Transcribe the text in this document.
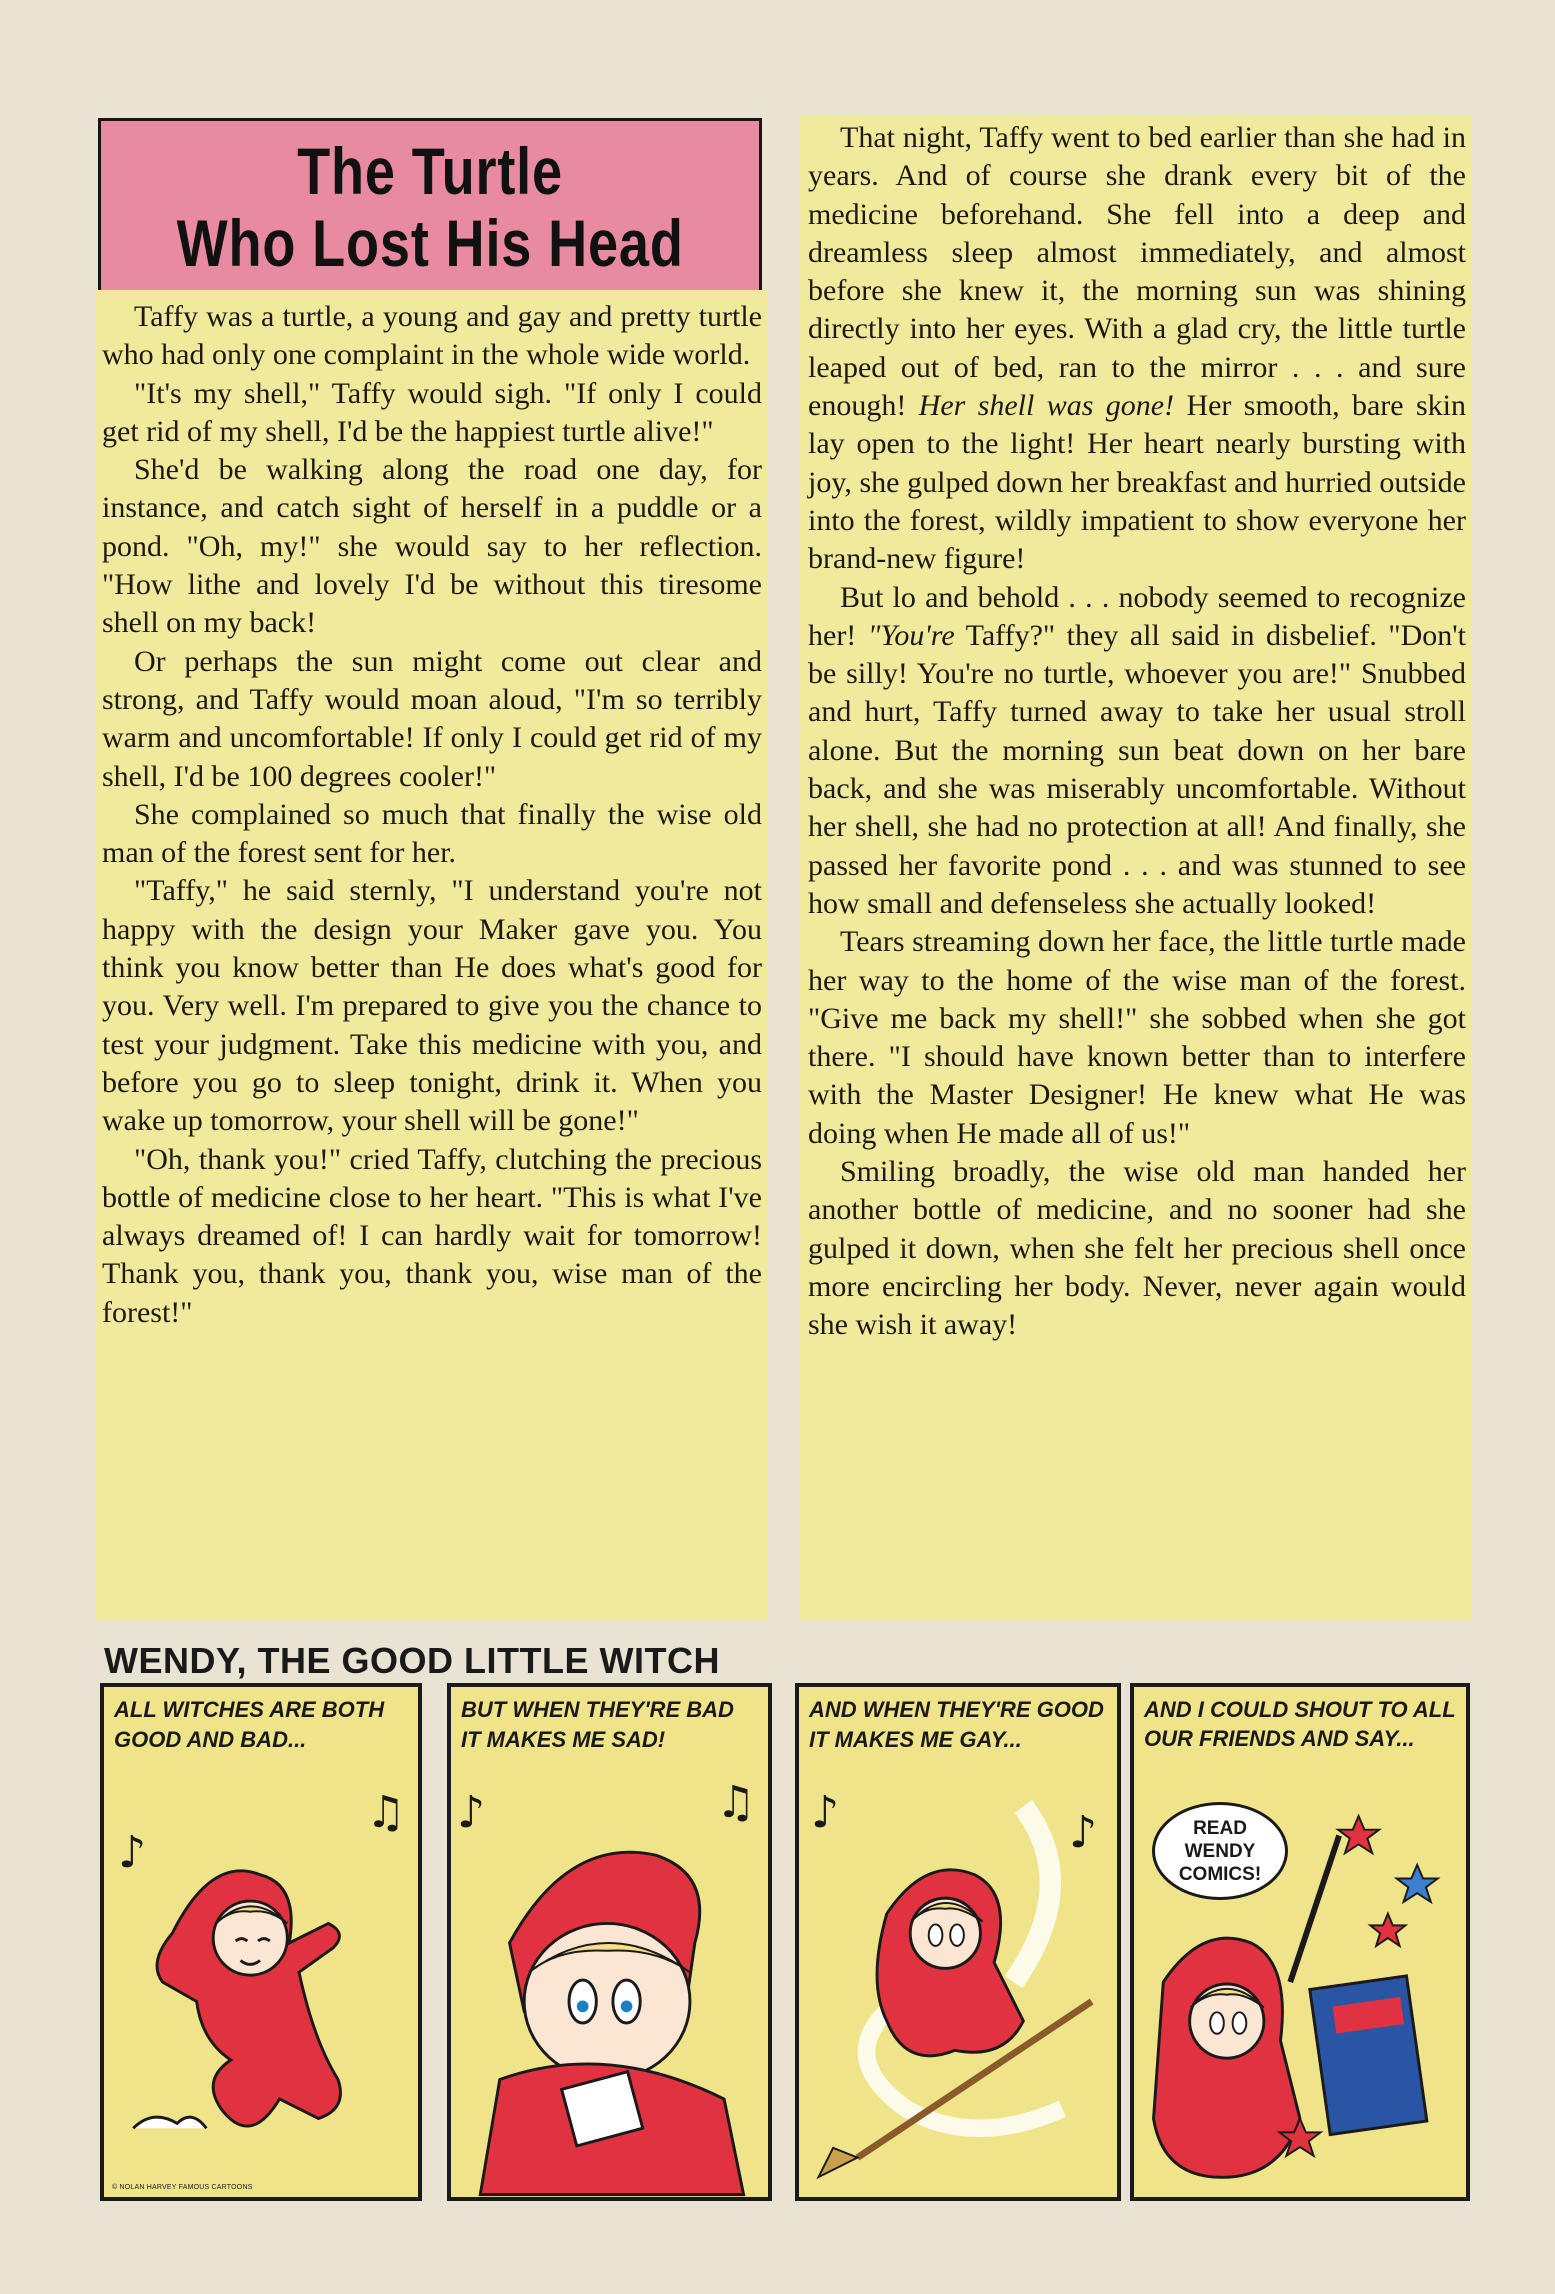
The Turtle
Who Lost His Head

Taffy was a turtle, a young and gay and pretty turtle who had only one complaint in the whole wide world.

"It's my shell," Taffy would sigh. "If only I could get rid of my shell, I'd be the happiest turtle alive!"

She'd be walking along the road one day, for instance, and catch sight of herself in a puddle or a pond. "Oh, my!" she would say to her reflection. "How lithe and lovely I'd be without this tiresome shell on my back!

Or perhaps the sun might come out clear and strong, and Taffy would moan aloud, "I'm so terribly warm and uncomfortable! If only I could get rid of my shell, I'd be 100 degrees cooler!"

She complained so much that finally the wise old man of the forest sent for her.

"Taffy," he said sternly, "I understand you're not happy with the design your Maker gave you. You think you know better than He does what's good for you. Very well. I'm prepared to give you the chance to test your judgment. Take this medicine with you, and before you go to sleep tonight, drink it. When you wake up tomorrow, your shell will be gone!"

"Oh, thank you!" cried Taffy, clutching the precious bottle of medicine close to her heart. "This is what I've always dreamed of! I can hardly wait for tomorrow! Thank you, thank you, thank you, wise man of the forest!"

That night, Taffy went to bed earlier than she had in years. And of course she drank every bit of the medicine beforehand. She fell into a deep and dreamless sleep almost immediately, and almost before she knew it, the morning sun was shining directly into her eyes. With a glad cry, the little turtle leaped out of bed, ran to the mirror . . . and sure enough! Her shell was gone! Her smooth, bare skin lay open to the light! Her heart nearly bursting with joy, she gulped down her breakfast and hurried outside into the forest, wildly impatient to show everyone her brand-new figure!

But lo and behold . . . nobody seemed to recognize her! "You're Taffy?" they all said in disbelief. "Don't be silly! You're no turtle, whoever you are!" Snubbed and hurt, Taffy turned away to take her usual stroll alone. But the morning sun beat down on her bare back, and she was miserably uncomfortable. Without her shell, she had no protection at all! And finally, she passed her favorite pond . . . and was stunned to see how small and defenseless she actually looked!

Tears streaming down her face, the little turtle made her way to the home of the wise man of the forest. "Give me back my shell!" she sobbed when she got there. "I should have known better than to interfere with the Master Designer! He knew what He was doing when He made all of us!"

Smiling broadly, the wise old man handed her another bottle of medicine, and no sooner had she gulped it down, when she felt her precious shell once more encircling her body. Never, never again would she wish it away!

WENDY, THE GOOD LITTLE WITCH
ALL WITCHES ARE BOTH GOOD AND BAD...
♪
♫
© NOLAN HARVEY FAMOUS CARTOONS
BUT WHEN THEY'RE BAD IT MAKES ME SAD!
♪	♫
AND WHEN THEY'RE GOOD IT MAKES ME GAY...
♪	♪
AND I COULD SHOUT TO ALL OUR FRIENDS AND SAY...
READ WENDY COMICS!
